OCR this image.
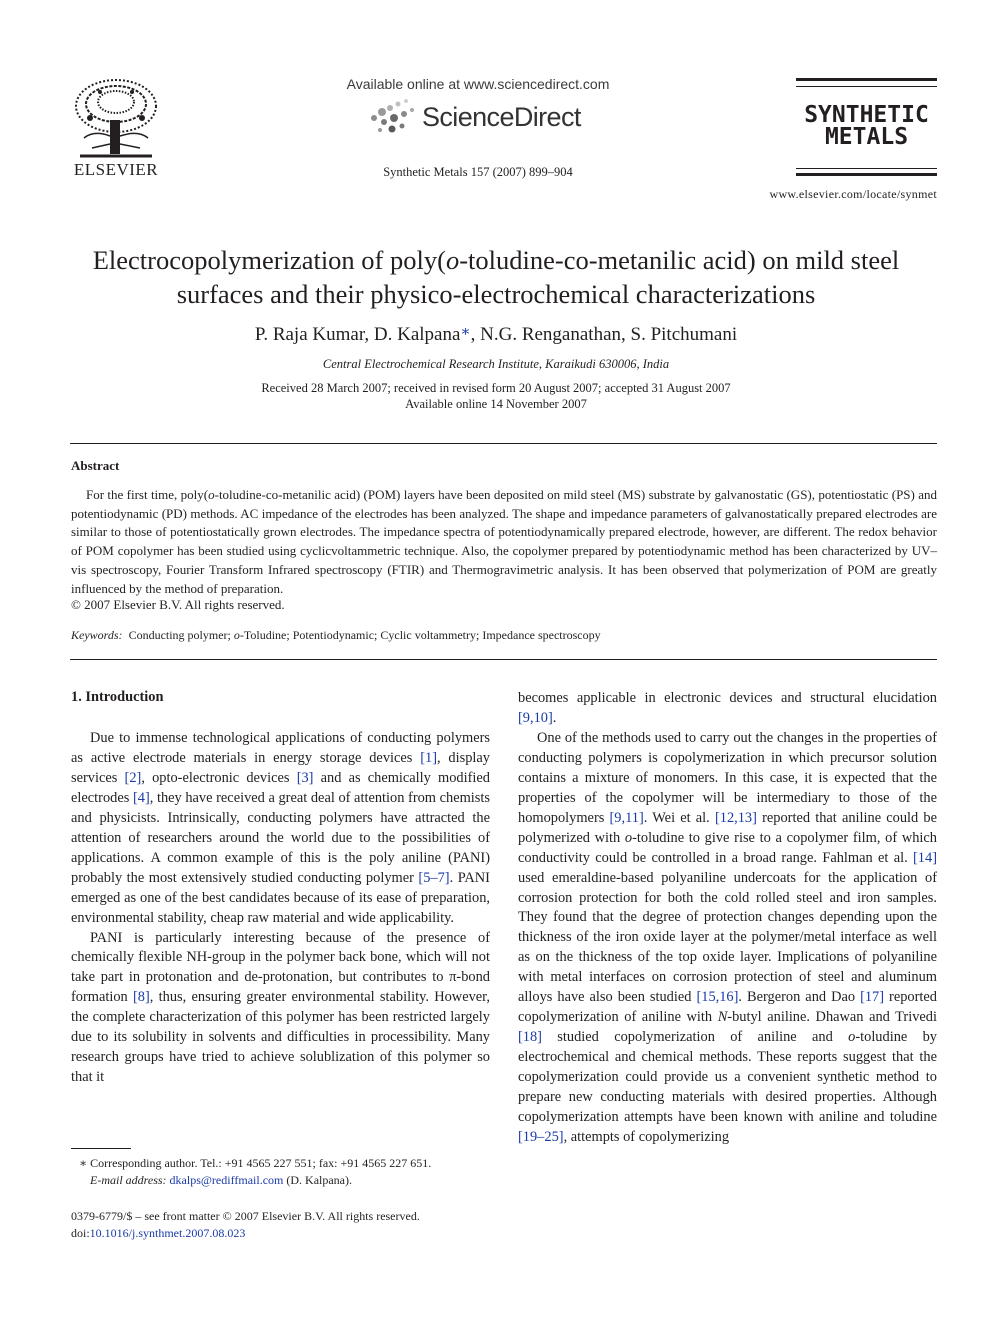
ELSEVIER
Available online at www.sciencedirect.com
ScienceDirect
Synthetic Metals 157 (2007) 899–904
SYNTHETIC
METALS
www.elsevier.com/locate/synmet
Electrocopolymerization of poly(o-toludine-co-metanilic acid) on mild steel surfaces and their physico-electrochemical characterizations
P. Raja Kumar, D. Kalpana∗, N.G. Renganathan, S. Pitchumani
Central Electrochemical Research Institute, Karaikudi 630006, India
Received 28 March 2007; received in revised form 20 August 2007; accepted 31 August 2007
Available online 14 November 2007
Abstract
For the first time, poly(o-toludine-co-metanilic acid) (POM) layers have been deposited on mild steel (MS) substrate by galvanostatic (GS), potentiostatic (PS) and potentiodynamic (PD) methods. AC impedance of the electrodes has been analyzed. The shape and impedance parameters of galvanostatically prepared electrodes are similar to those of potentiostatically grown electrodes. The impedance spectra of potentiodynamically prepared electrode, however, are different. The redox behavior of POM copolymer has been studied using cyclicvoltammetric technique. Also, the copolymer prepared by potentiodynamic method has been characterized by UV–vis spectroscopy, Fourier Transform Infrared spectroscopy (FTIR) and Thermogravimetric analysis. It has been observed that polymerization of POM are greatly influenced by the method of preparation.
© 2007 Elsevier B.V. All rights reserved.
Keywords: Conducting polymer; o-Toludine; Potentiodynamic; Cyclic voltammetry; Impedance spectroscopy
1. Introduction

Due to immense technological applications of conducting polymers as active electrode materials in energy storage devices [1], display services [2], opto-electronic devices [3] and as chemically modified electrodes [4], they have received a great deal of attention from chemists and physicists. Intrinsically, conducting polymers have attracted the attention of researchers around the world due to the possibilities of applications. A common example of this is the poly aniline (PANI) probably the most extensively studied conducting polymer [5–7]. PANI emerged as one of the best candidates because of its ease of preparation, environmental stability, cheap raw material and wide applicability.

PANI is particularly interesting because of the presence of chemically flexible NH-group in the polymer back bone, which will not take part in protonation and de-protonation, but contributes to π-bond formation [8], thus, ensuring greater environmental stability. However, the complete characterization of this polymer has been restricted largely due to its solubility in solvents and difficulties in processibility. Many research groups have tried to achieve solublization of this polymer so that it

becomes applicable in electronic devices and structural elucidation [9,10].

One of the methods used to carry out the changes in the properties of conducting polymers is copolymerization in which precursor solution contains a mixture of monomers. In this case, it is expected that the properties of the copolymer will be intermediary to those of the homopolymers [9,11]. Wei et al. [12,13] reported that aniline could be polymerized with o-toludine to give rise to a copolymer film, of which conductivity could be controlled in a broad range. Fahlman et al. [14] used emeraldine-based polyaniline undercoats for the application of corrosion protection for both the cold rolled steel and iron samples. They found that the degree of protection changes depending upon the thickness of the iron oxide layer at the polymer/metal interface as well as on the thickness of the top oxide layer. Implications of polyaniline with metal interfaces on corrosion protection of steel and aluminum alloys have also been studied [15,16]. Bergeron and Dao [17] reported copolymerization of aniline with N-butyl aniline. Dhawan and Trivedi [18] studied copolymerization of aniline and o-toludine by electrochemical and chemical methods. These reports suggest that the copolymerization could provide us a convenient synthetic method to prepare new conducting materials with desired properties. Although copolymerization attempts have been known with aniline and toludine [19–25], attempts of copolymerizing

∗ Corresponding author. Tel.: +91 4565 227 551; fax: +91 4565 227 651.
E-mail address: dkalps@rediffmail.com (D. Kalpana).
0379-6779/$ – see front matter © 2007 Elsevier B.V. All rights reserved.
doi:10.1016/j.synthmet.2007.08.023
